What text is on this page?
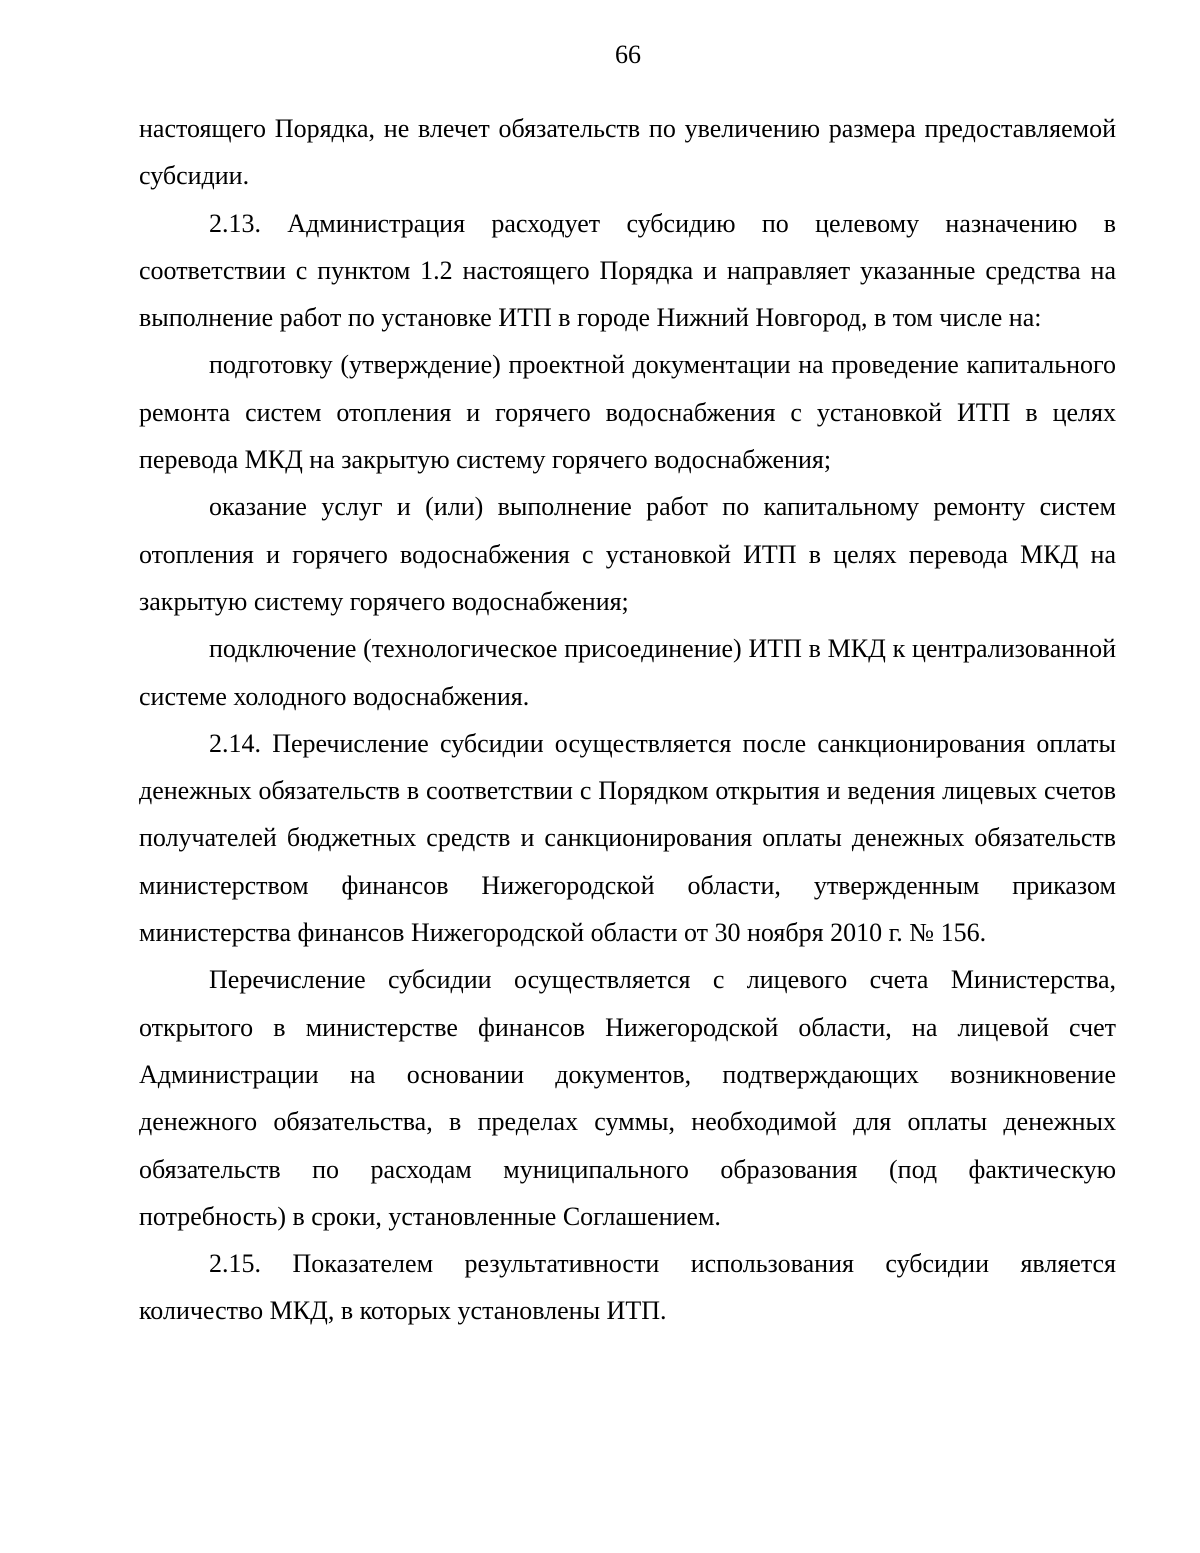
66

настоящего Порядка, не влечет обязательств по увеличению размера предоставляемой субсидии.

2.13. Администрация расходует субсидию по целевому назначению в соответствии с пунктом 1.2 настоящего Порядка и направляет указанные средства на выполнение работ по установке ИТП в городе Нижний Новгород, в том числе на:

подготовку (утверждение) проектной документации на проведение капитального ремонта систем отопления и горячего водоснабжения с установкой ИТП в целях перевода МКД на закрытую систему горячего водоснабжения;

оказание услуг и (или) выполнение работ по капитальному ремонту систем отопления и горячего водоснабжения с установкой ИТП в целях перевода МКД на закрытую систему горячего водоснабжения;

подключение (технологическое присоединение) ИТП в МКД к централизованной системе холодного водоснабжения.

2.14. Перечисление субсидии осуществляется после санкционирования оплаты денежных обязательств в соответствии с Порядком открытия и ведения лицевых счетов получателей бюджетных средств и санкционирования оплаты денежных обязательств министерством финансов Нижегородской области, утвержденным приказом министерства финансов Нижегородской области от 30 ноября 2010 г. № 156.

Перечисление субсидии осуществляется с лицевого счета Министерства, открытого в министерстве финансов Нижегородской области, на лицевой счет Администрации на основании документов, подтверждающих возникновение денежного обязательства, в пределах суммы, необходимой для оплаты денежных обязательств по расходам муниципального образования (под фактическую потребность) в сроки, установленные Соглашением.

2.15. Показателем результативности использования субсидии является количество МКД, в которых установлены ИТП.
